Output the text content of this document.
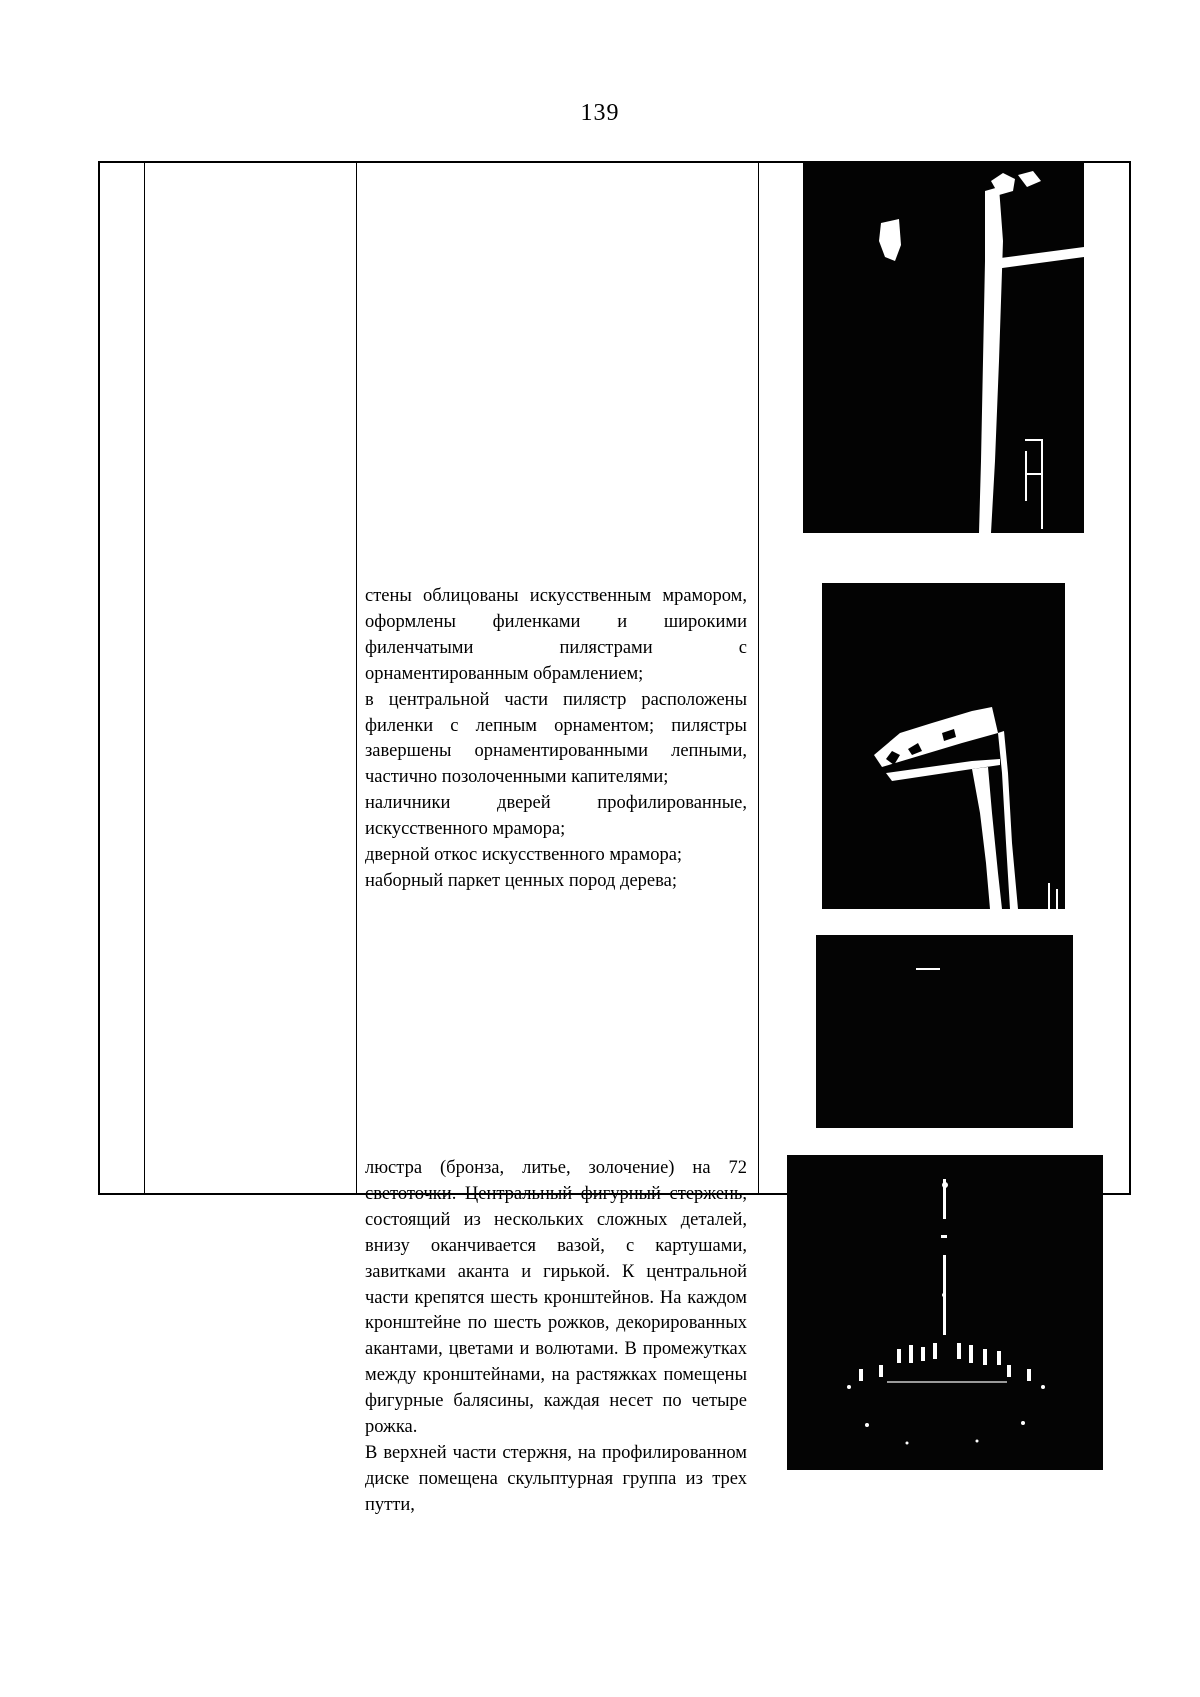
139

стены облицованы искусственным мрамором, оформлены филенками и широкими филенчатыми пилястрами с орнаментированным обрамлением;

в центральной части пилястр расположены филенки с лепным орнаментом; пилястры завершены орнаментированными лепными, частично позолоченными капителями;

наличники дверей профилированные, искусственного мрамора;

дверной откос искусственного мрамора;

наборный паркет ценных пород дерева;

люстра (бронза, литье, золочение) на 72 светоточки. Центральный фигурный стержень, состоящий из нескольких сложных деталей, внизу оканчивается вазой, с картушами, завитками аканта и гирькой. К центральной части крепятся шесть кронштейнов. На каждом кронштейне по шесть рожков, декорированных акантами, цветами и волютами. В промежутках между кронштейнами, на растяжках помещены фигурные балясины, каждая несет по четыре рожка.

В верхней части стержня, на профилированном диске помещена скульптурная группа из трех путти,
